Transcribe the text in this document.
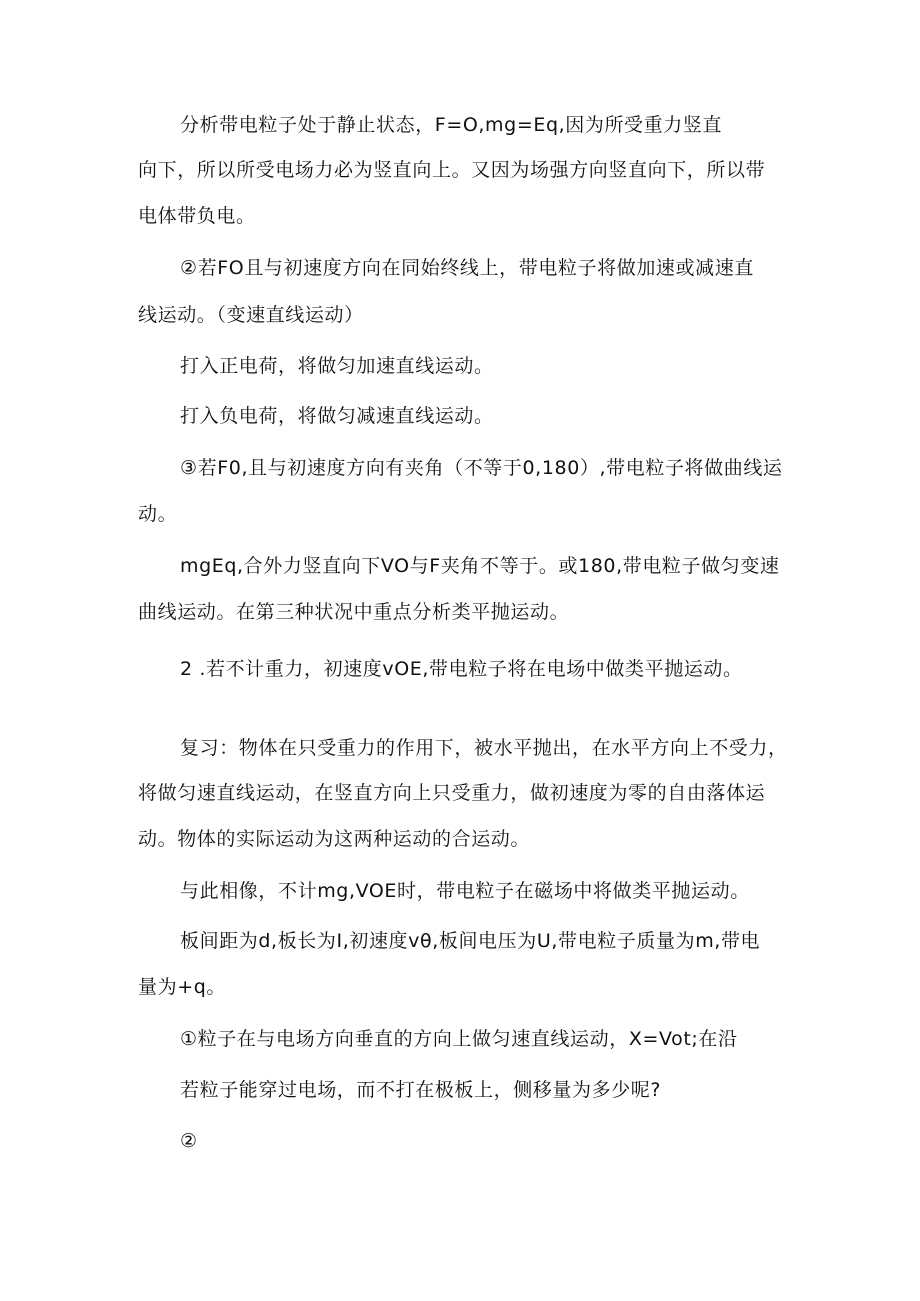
分析带电粒子处于静止状态，F=O,mg=Eq,因为所受重力竖直
向下，所以所受电场力必为竖直向上。又因为场强方向竖直向下，所以带
电体带负电。
②若FO且与初速度方向在同始终线上，带电粒子将做加速或减速直
线运动。（变速直线运动）
打入正电荷，将做匀加速直线运动。
打入负电荷，将做匀减速直线运动。
③若F0,且与初速度方向有夹角（不等于0,180）,带电粒子将做曲线运
动。
mgEq,合外力竖直向下VO与F夹角不等于。或180,带电粒子做匀变速
曲线运动。在第三种状况中重点分析类平抛运动。
2 .若不计重力，初速度vOE,带电粒子将在电场中做类平抛运动。
复习：物体在只受重力的作用下，被水平抛出，在水平方向上不受力，
将做匀速直线运动，在竖直方向上只受重力，做初速度为零的自由落体运
动。物体的实际运动为这两种运动的合运动。
与此相像，不计mg,VOE时，带电粒子在磁场中将做类平抛运动。
板间距为d,板长为I,初速度vθ,板间电压为U,带电粒子质量为m,带电
量为+q。
①粒子在与电场方向垂直的方向上做匀速直线运动，X=Vot;在沿
若粒子能穿过电场，而不打在极板上，侧移量为多少呢?
②
